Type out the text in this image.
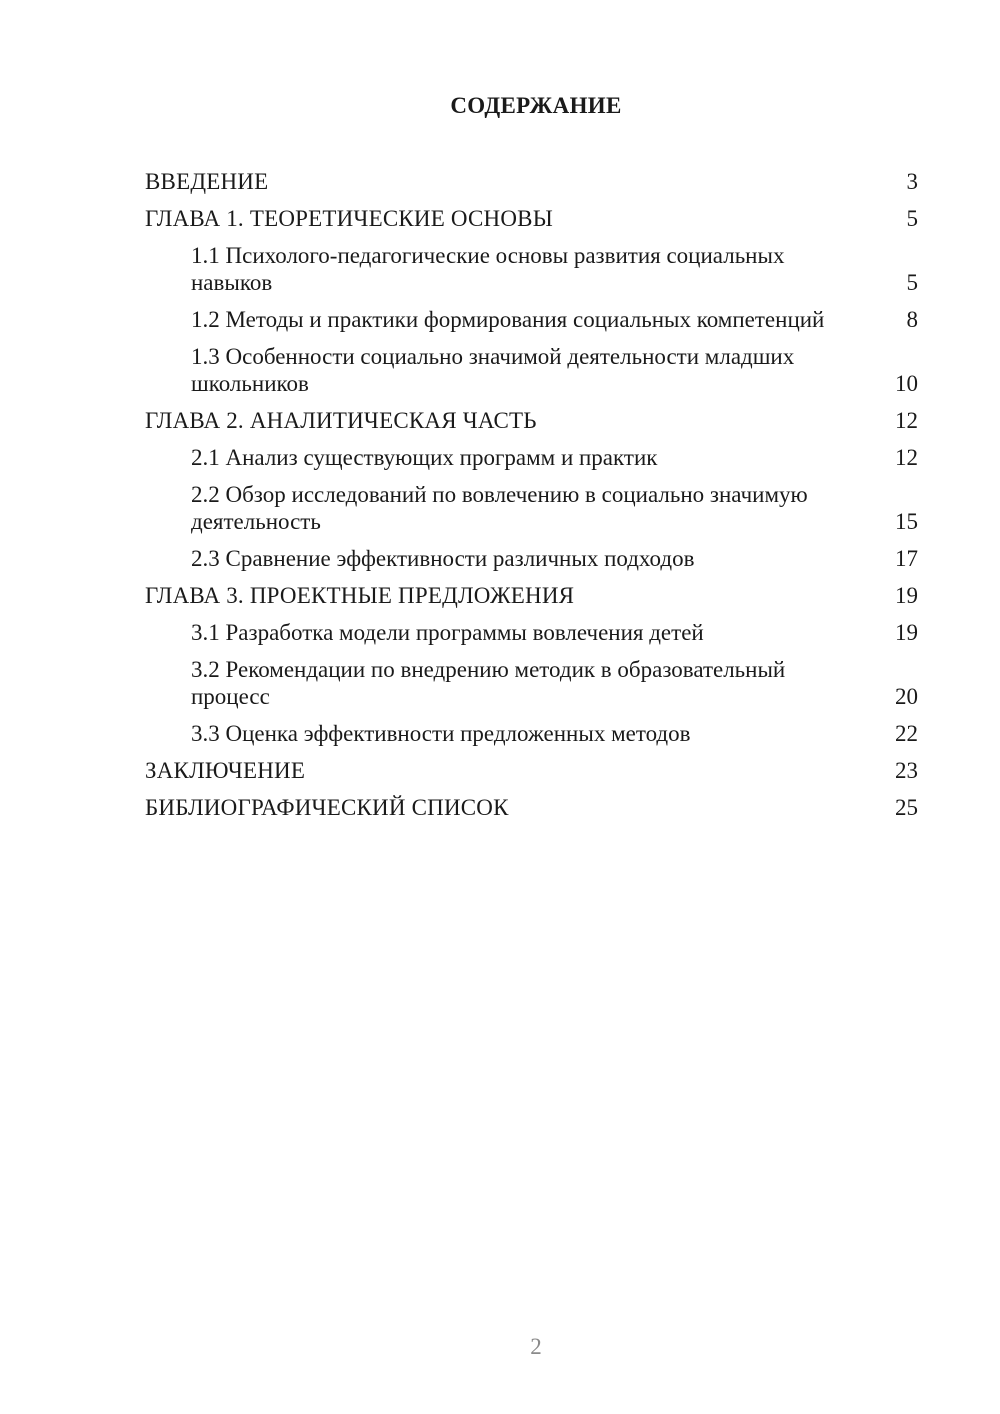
СОДЕРЖАНИЕ
ВВЕДЕНИЕ	3
ГЛАВА 1. ТЕОРЕТИЧЕСКИЕ ОСНОВЫ	5
1.1 Психолого-педагогические основы развития социальных навыков	5
1.2 Методы и практики формирования социальных компетенций	8
1.3 Особенности социально значимой деятельности младших школьников	10
ГЛАВА 2. АНАЛИТИЧЕСКАЯ ЧАСТЬ	12
2.1 Анализ существующих программ и практик	12
2.2 Обзор исследований по вовлечению в социально значимую деятельность	15
2.3 Сравнение эффективности различных подходов	17
ГЛАВА 3. ПРОЕКТНЫЕ ПРЕДЛОЖЕНИЯ	19
3.1 Разработка модели программы вовлечения детей	19
3.2 Рекомендации по внедрению методик в образовательный процесс	20
3.3 Оценка эффективности предложенных методов	22
ЗАКЛЮЧЕНИЕ	23
БИБЛИОГРАФИЧЕСКИЙ СПИСОК	25
2
